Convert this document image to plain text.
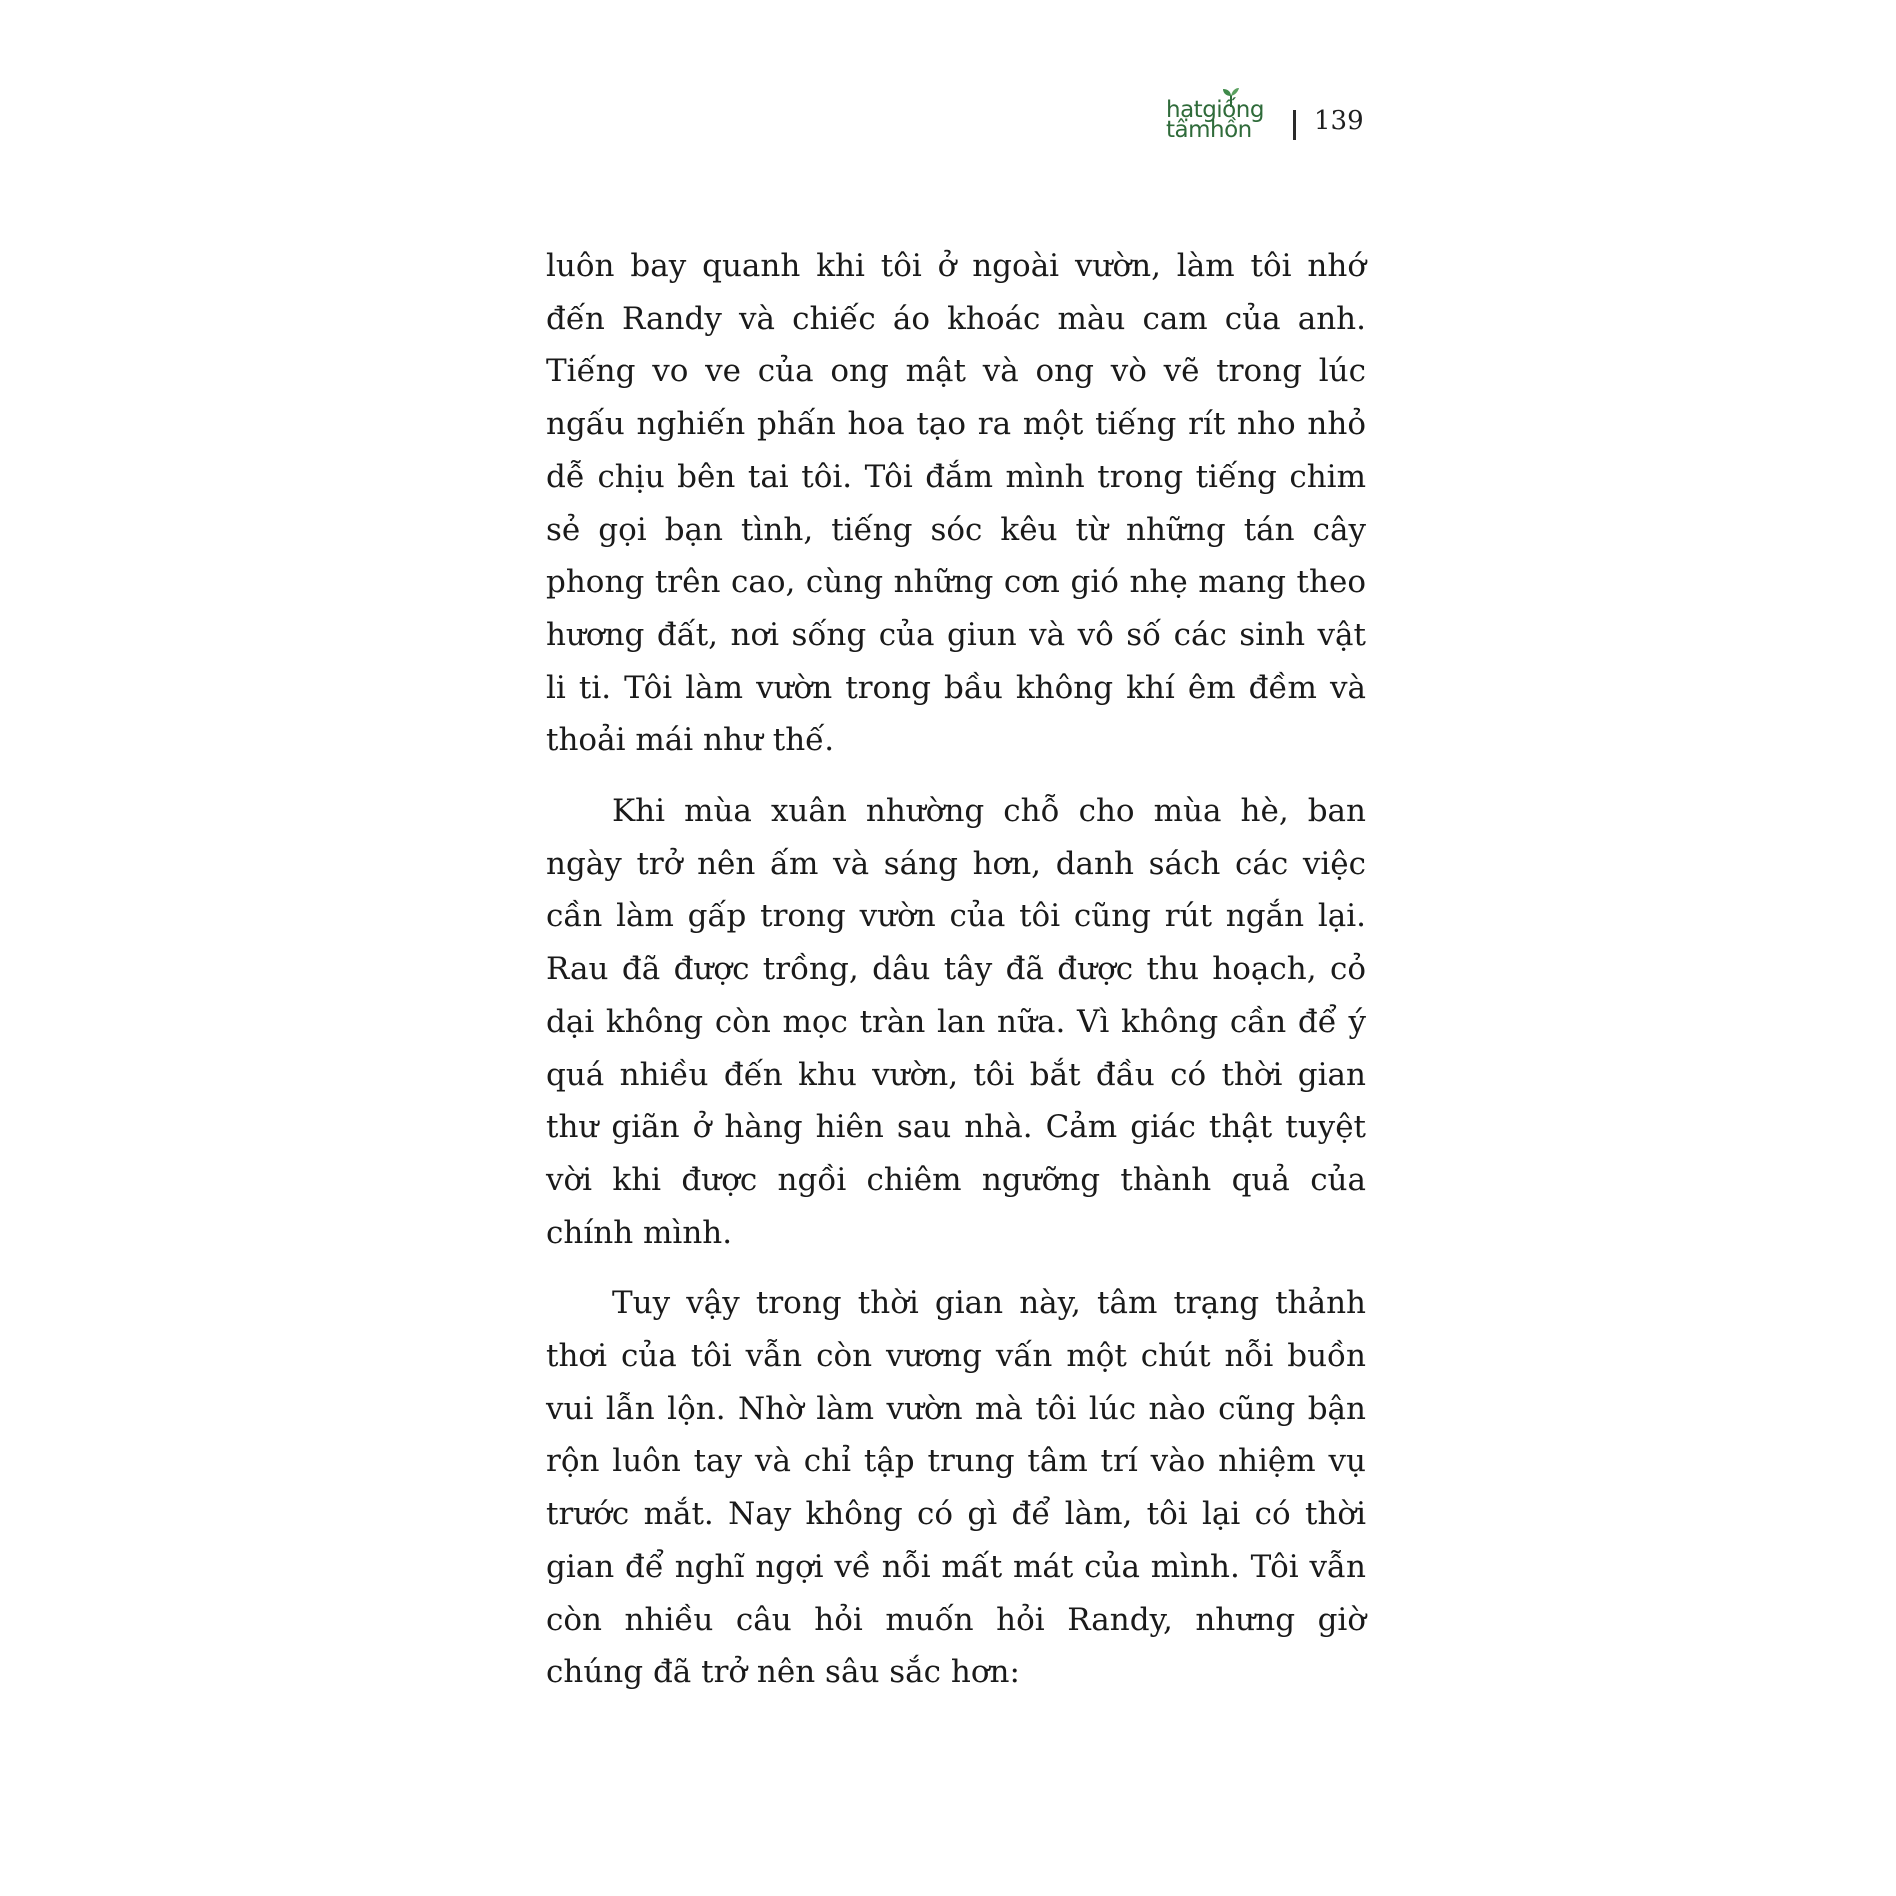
hạtgiống
tâmhồn 139

luôn bay quanh khi tôi ở ngoài vườn, làm tôi nhớ đến Randy và chiếc áo khoác màu cam của anh. Tiếng vo ve của ong mật và ong vò vẽ trong lúc ngấu nghiến phấn hoa tạo ra một tiếng rít nho nhỏ dễ chịu bên tai tôi. Tôi đắm mình trong tiếng chim sẻ gọi bạn tình, tiếng sóc kêu từ những tán cây phong trên cao, cùng những cơn gió nhẹ mang theo hương đất, nơi sống của giun và vô số các sinh vật li ti. Tôi làm vườn trong bầu không khí êm đềm và thoải mái như thế.

Khi mùa xuân nhường chỗ cho mùa hè, ban ngày trở nên ấm và sáng hơn, danh sách các việc cần làm gấp trong vườn của tôi cũng rút ngắn lại. Rau đã được trồng, dâu tây đã được thu hoạch, cỏ dại không còn mọc tràn lan nữa. Vì không cần để ý quá nhiều đến khu vườn, tôi bắt đầu có thời gian thư giãn ở hàng hiên sau nhà. Cảm giác thật tuyệt vời khi được ngồi chiêm ngưỡng thành quả của chính mình.

Tuy vậy trong thời gian này, tâm trạng thảnh thơi của tôi vẫn còn vương vấn một chút nỗi buồn vui lẫn lộn. Nhờ làm vườn mà tôi lúc nào cũng bận rộn luôn tay và chỉ tập trung tâm trí vào nhiệm vụ trước mắt. Nay không có gì để làm, tôi lại có thời gian để nghĩ ngợi về nỗi mất mát của mình. Tôi vẫn còn nhiều câu hỏi muốn hỏi Randy, nhưng giờ chúng đã trở nên sâu sắc hơn:
